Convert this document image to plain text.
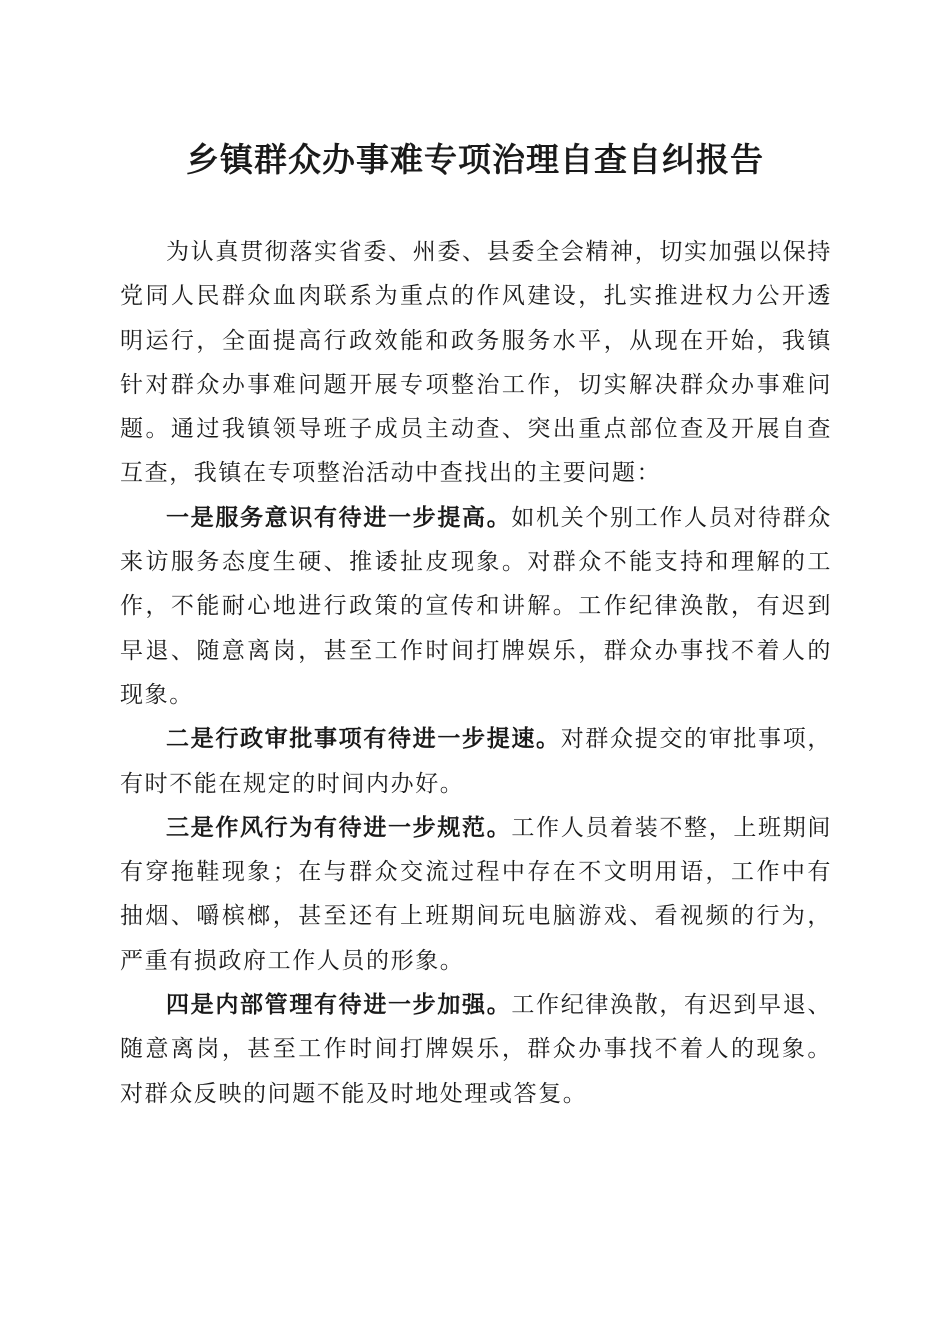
乡镇群众办事难专项治理自查自纠报告

为认真贯彻落实省委、州委、县委全会精神，切实加强以保持党同人民群众血肉联系为重点的作风建设，扎实推进权力公开透明运行，全面提高行政效能和政务服务水平，从现在开始，我镇针对群众办事难问题开展专项整治工作，切实解决群众办事难问题。通过我镇领导班子成员主动查、突出重点部位查及开展自查互查，我镇在专项整治活动中查找出的主要问题：

一是服务意识有待进一步提高。如机关个别工作人员对待群众来访服务态度生硬、推诿扯皮现象。对群众不能支持和理解的工作，不能耐心地进行政策的宣传和讲解。工作纪律涣散，有迟到早退、随意离岗，甚至工作时间打牌娱乐，群众办事找不着人的现象。

二是行政审批事项有待进一步提速。对群众提交的审批事项，有时不能在规定的时间内办好。

三是作风行为有待进一步规范。工作人员着装不整，上班期间有穿拖鞋现象；在与群众交流过程中存在不文明用语，工作中有抽烟、嚼槟榔，甚至还有上班期间玩电脑游戏、看视频的行为，严重有损政府工作人员的形象。

四是内部管理有待进一步加强。工作纪律涣散，有迟到早退、随意离岗，甚至工作时间打牌娱乐，群众办事找不着人的现象。对群众反映的问题不能及时地处理或答复。
